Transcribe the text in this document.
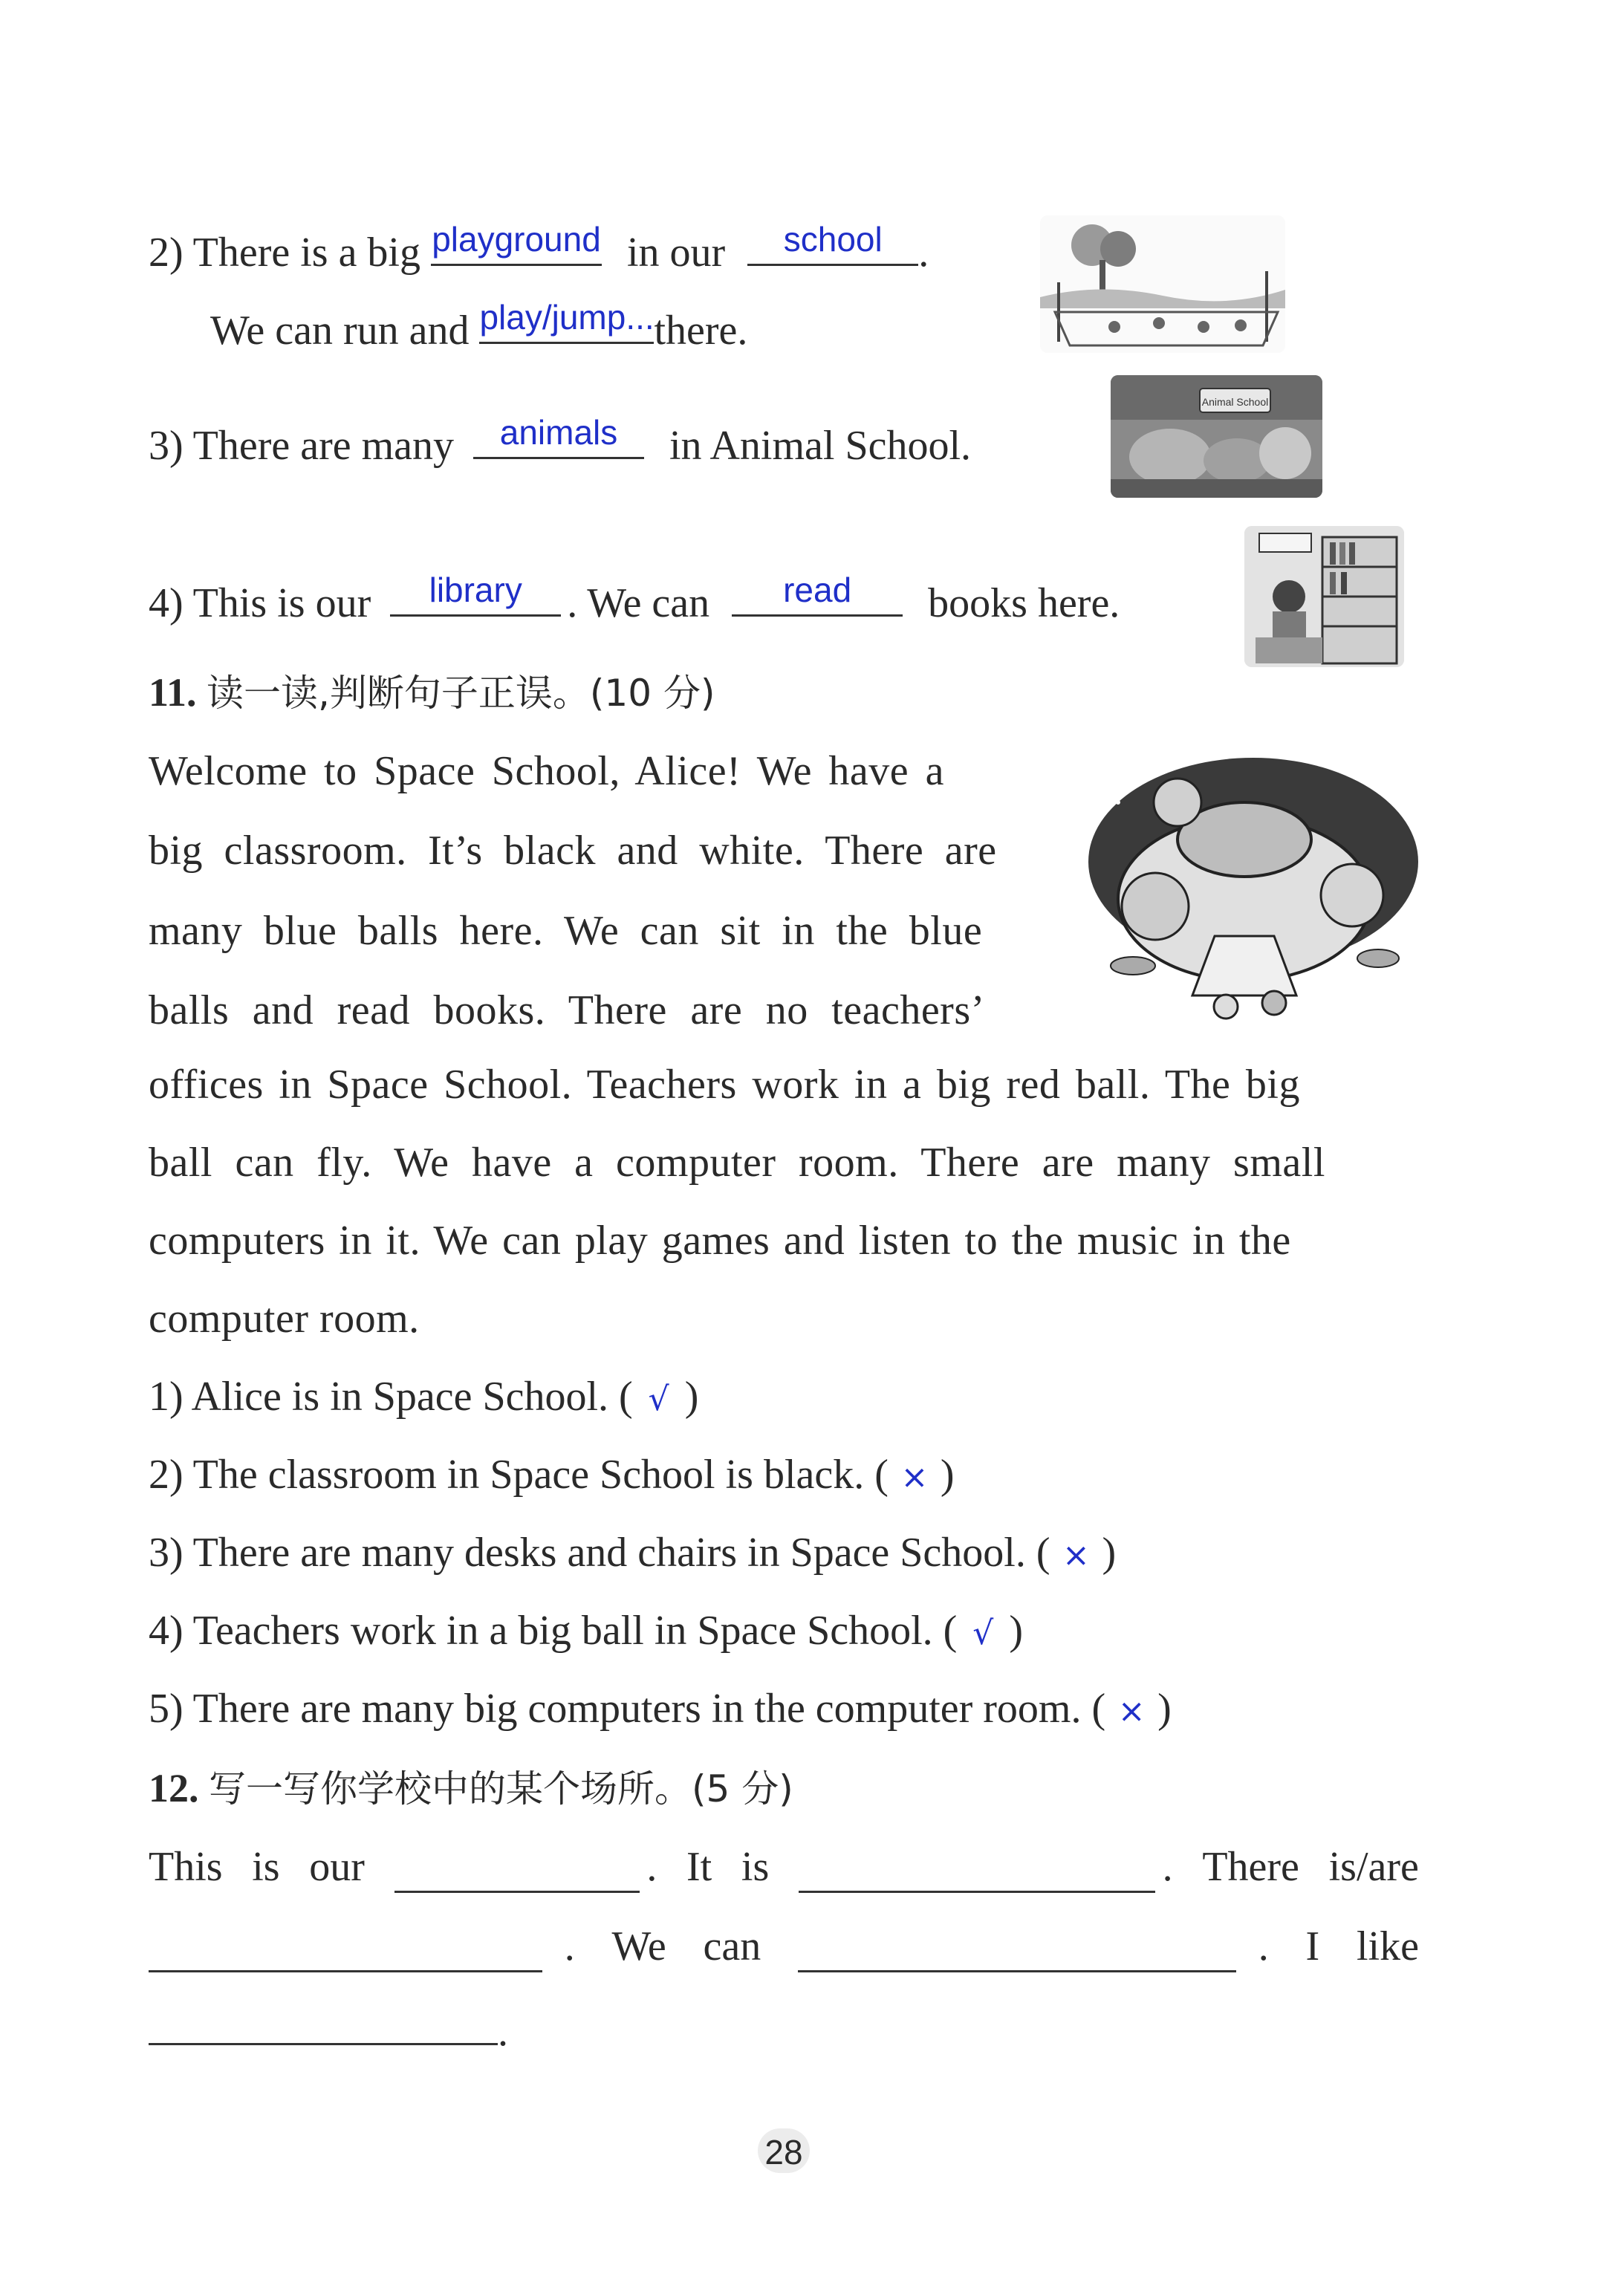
2) There is a big playground in our	school .
We can run and play/jump... there.
3) There are many	animals	in Animal School.
Animal School
4) This is our	library	. We can	read	books here.
11. 读一读,判断句子正误。(10 分)
Welcome to Space School, Alice! We have a
big classroom. It’s black and white. There are
many blue balls here. We can sit in the blue
balls and read books. There are no teachers’
offices in Space School. Teachers work in a big red ball. The big
ball can fly. We have a computer room. There are many small
computers in it. We can play games and listen to the music in the
computer room.
1) Alice is in Space School. ( √ )
2) The classroom in Space School is black. ( × )
3) There are many desks and chairs in Space School. ( × )
4) Teachers work in a big ball in Space School. ( √ )
5) There are many big computers in the computer room. ( × )
12. 写一写你学校中的某个场所。(5 分)
This is our	. It is	. There is/are
. We can	. I like
.
28
